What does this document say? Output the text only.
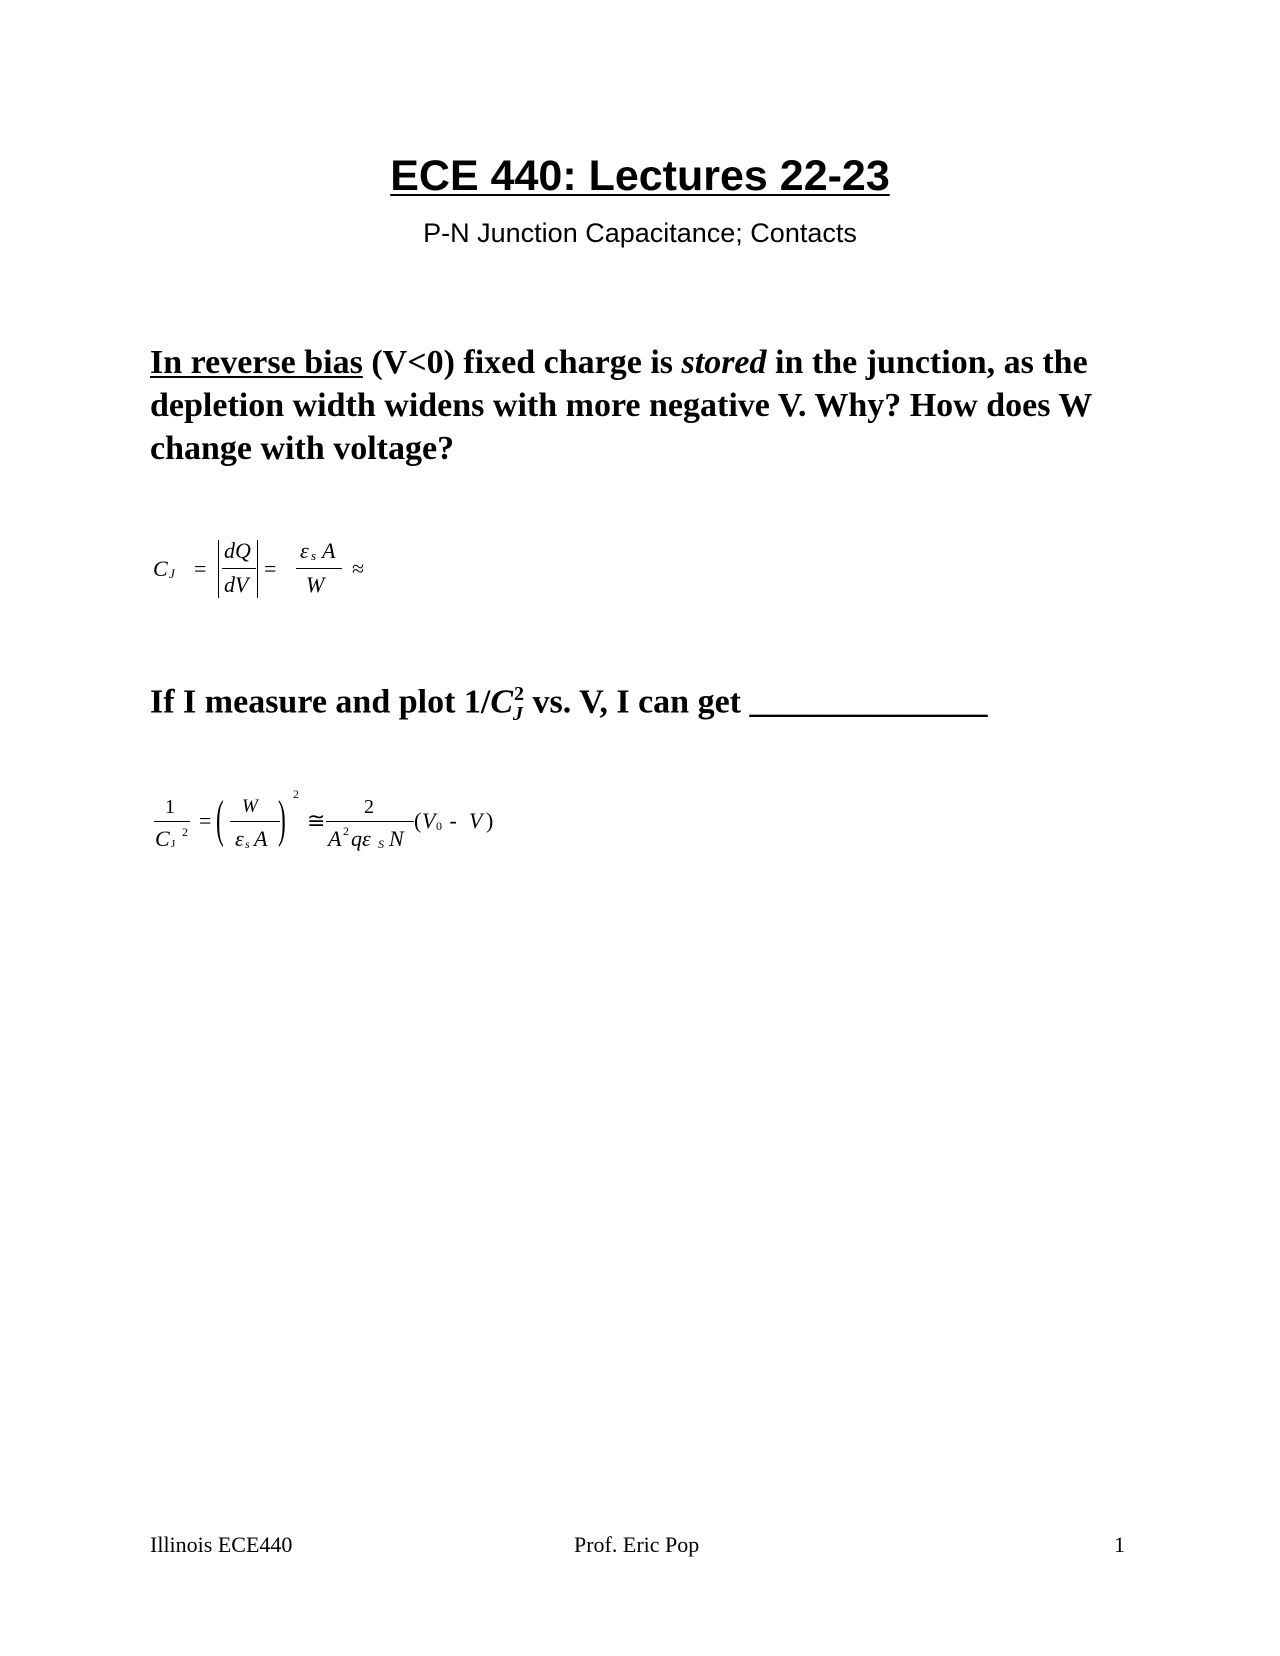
ECE 440: Lectures 22-23
P-N Junction Capacitance; Contacts
In reverse bias (V<0) fixed charge is stored in the junction, as the depletion width widens with more negative V. Why? How does W change with voltage?
C J =
dQ
dV
=
ε s A
W
≈
If I measure and plot $1/C_J^2$ vs. V, I can get ______________
1
C J
2 = ( W
ε s A ) 2
≅
2
A 2 qε S N
( V 0 - V )
Illinois ECE440	Prof. Eric Pop	1
